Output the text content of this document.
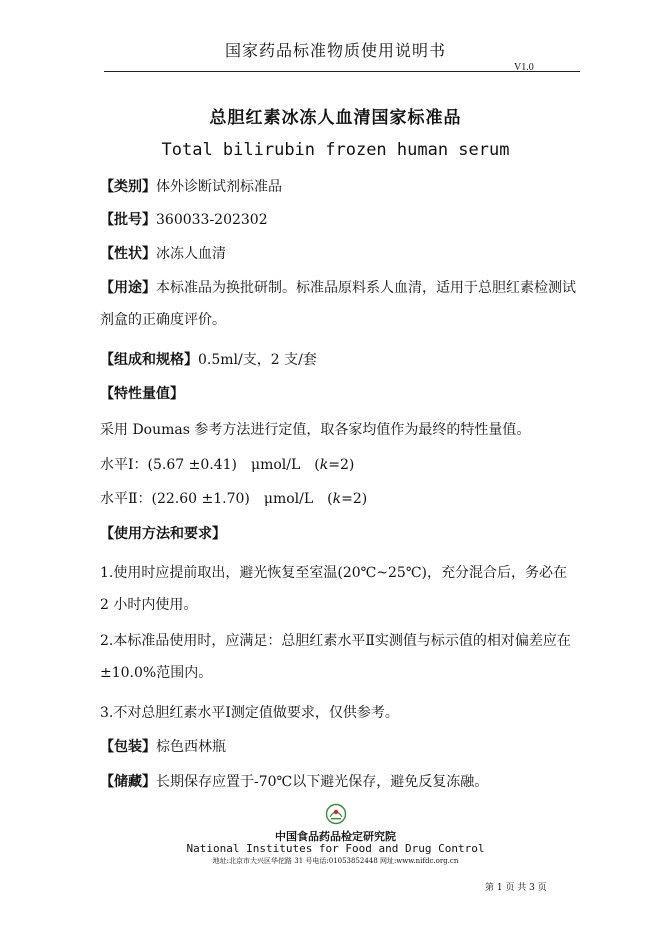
国家药品标准物质使用说明书
V1.0
总胆红素冰冻人血清国家标准品
Total bilirubin frozen human serum
【类别】体外诊断试剂标准品
【批号】360033-202302
【性状】冰冻人血清
【用途】本标准品为换批研制。标准品原料系人血清，适用于总胆红素检测试剂盒的正确度评价。
【组成和规格】0.5ml/支，2 支/套
【特性量值】
采用 Doumas 参考方法进行定值，取各家均值作为最终的特性量值。
水平Ⅰ：(5.67 ±0.41)　μmol/L　(k=2)
水平Ⅱ：(22.60 ±1.70)　μmol/L　(k=2)
【使用方法和要求】
1.使用时应提前取出，避光恢复至室温(20℃~25℃)，充分混合后，务必在 2 小时内使用。
2.本标准品使用时，应满足：总胆红素水平Ⅱ实测值与标示值的相对偏差应在±10.0%范围内。
3.不对总胆红素水平Ⅰ测定值做要求，仅供参考。
【包装】棕色西林瓶
【储藏】长期保存应置于-70℃以下避光保存，避免反复冻融。
中国食品药品检定研究院
National Institutes for Food and Drug Control
地址:北京市大兴区华佗路 31 号电话:01053852448 网址:www.nifdc.org.cn
第 1 页 共 3 页
